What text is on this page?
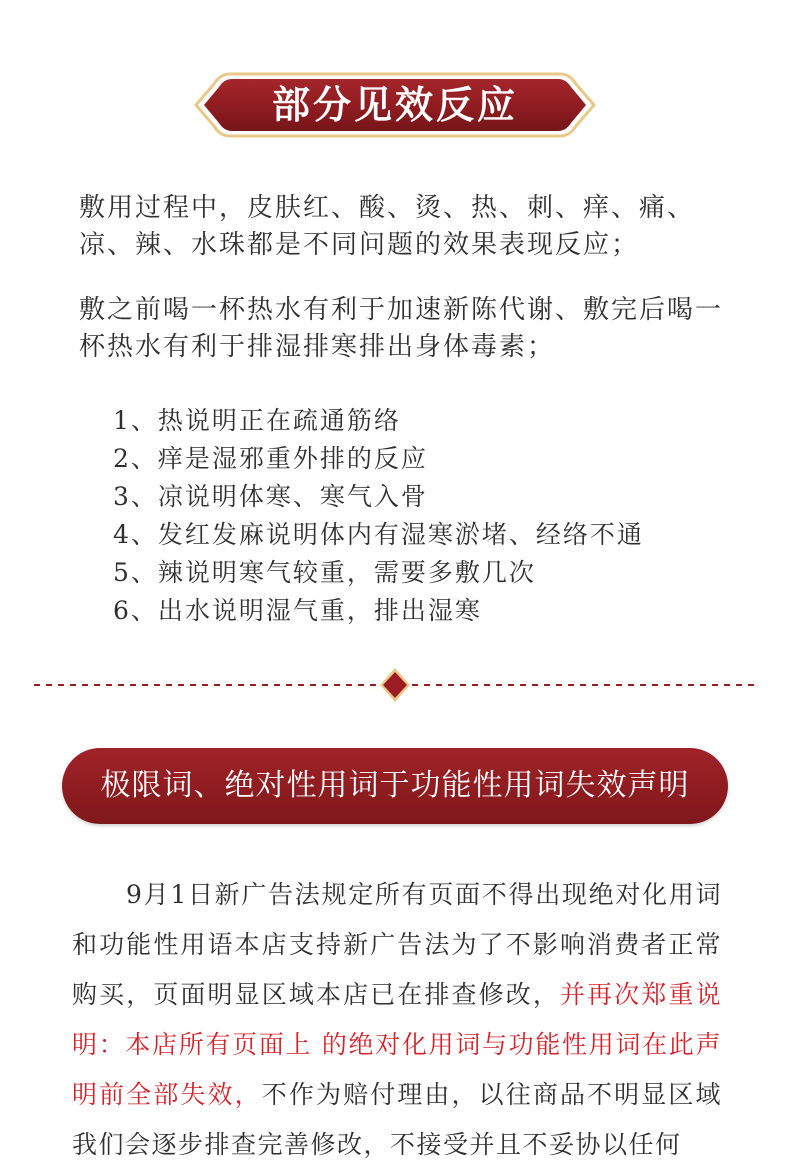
部分见效反应

敷用过程中，皮肤红、酸、烫、热、刺、痒、痛、凉、辣、水珠都是不同问题的效果表现反应；

敷之前喝一杯热水有利于加速新陈代谢、敷完后喝一杯热水有利于排湿排寒排出身体毒素；

1、热说明正在疏通筋络
2、痒是湿邪重外排的反应
3、凉说明体寒、寒气入骨
4、发红发麻说明体内有湿寒淤堵、经络不通
5、辣说明寒气较重，需要多敷几次
6、出水说明湿气重，排出湿寒
极限词、绝对性用词于功能性用词失效声明

9月1日新广告法规定所有页面不得出现绝对化用词和功能性用语本店支持新广告法为了不影响消费者正常购买，页面明显区域本店已在排查修改，并再次郑重说明：本店所有页面上 的绝对化用词与功能性用词在此声明前全部失效，不作为赔付理由，以往商品不明显区域我们会逐步排查完善修改，不接受并且不妥协以任何
